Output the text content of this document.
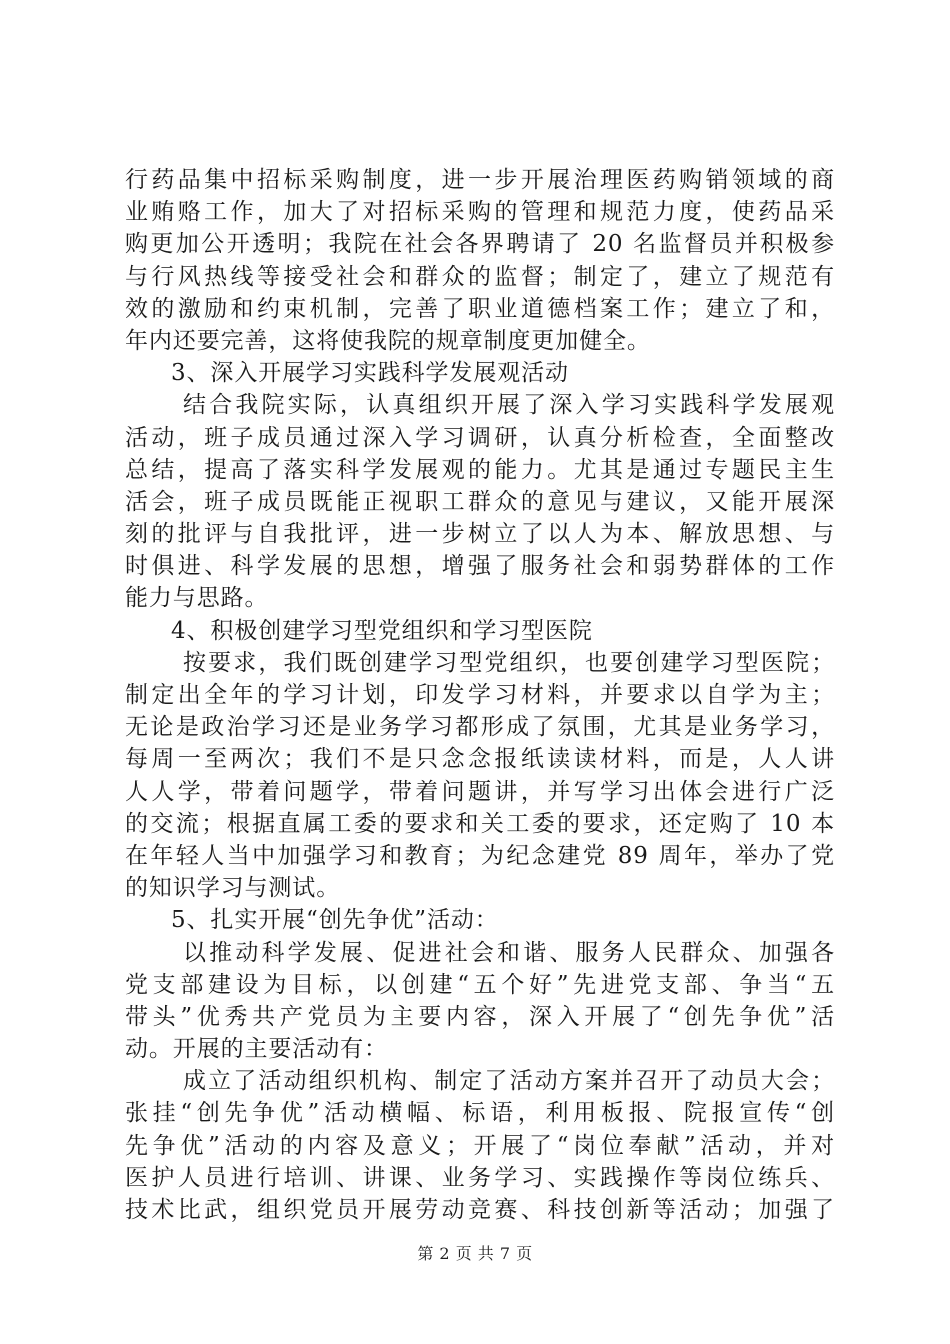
行药品集中招标采购制度，进一步开展治理医药购销领域的商
业贿赂工作，加大了对招标采购的管理和规范力度，使药品采
购更加公开透明；我院在社会各界聘请了 20 名监督员并积极参
与行风热线等接受社会和群众的监督；制定了，建立了规范有
效的激励和约束机制，完善了职业道德档案工作；建立了和，
年内还要完善，这将使我院的规章制度更加健全。
3、深入开展学习实践科学发展观活动
结合我院实际，认真组织开展了深入学习实践科学发展观
活动，班子成员通过深入学习调研，认真分析检查，全面整改
总结，提高了落实科学发展观的能力。尤其是通过专题民主生
活会，班子成员既能正视职工群众的意见与建议，又能开展深
刻的批评与自我批评，进一步树立了以人为本、解放思想、与
时俱进、科学发展的思想，增强了服务社会和弱势群体的工作
能力与思路。
4、积极创建学习型党组织和学习型医院
按要求，我们既创建学习型党组织，也要创建学习型医院；
制定出全年的学习计划，印发学习材料，并要求以自学为主；
无论是政治学习还是业务学习都形成了氛围，尤其是业务学习，
每周一至两次；我们不是只念念报纸读读材料，而是，人人讲
人人学，带着问题学，带着问题讲，并写学习出体会进行广泛
的交流；根据直属工委的要求和关工委的要求，还定购了 10 本
在年轻人当中加强学习和教育；为纪念建党 89 周年，举办了党
的知识学习与测试。
5、扎实开展“创先争优”活动：
以推动科学发展、促进社会和谐、服务人民群众、加强各
党支部建设为目标，以创建“五个好”先进党支部、争当“五
带头”优秀共产党员为主要内容，深入开展了“创先争优”活
动。开展的主要活动有：
成立了活动组织机构、制定了活动方案并召开了动员大会；
张挂“创先争优”活动横幅、标语，利用板报、院报宣传“创
先争优”活动的内容及意义；开展了“岗位奉献”活动，并对
医护人员进行培训、讲课、业务学习、实践操作等岗位练兵、
技术比武，组织党员开展劳动竞赛、科技创新等活动；加强了
第 2 页 共 7 页
